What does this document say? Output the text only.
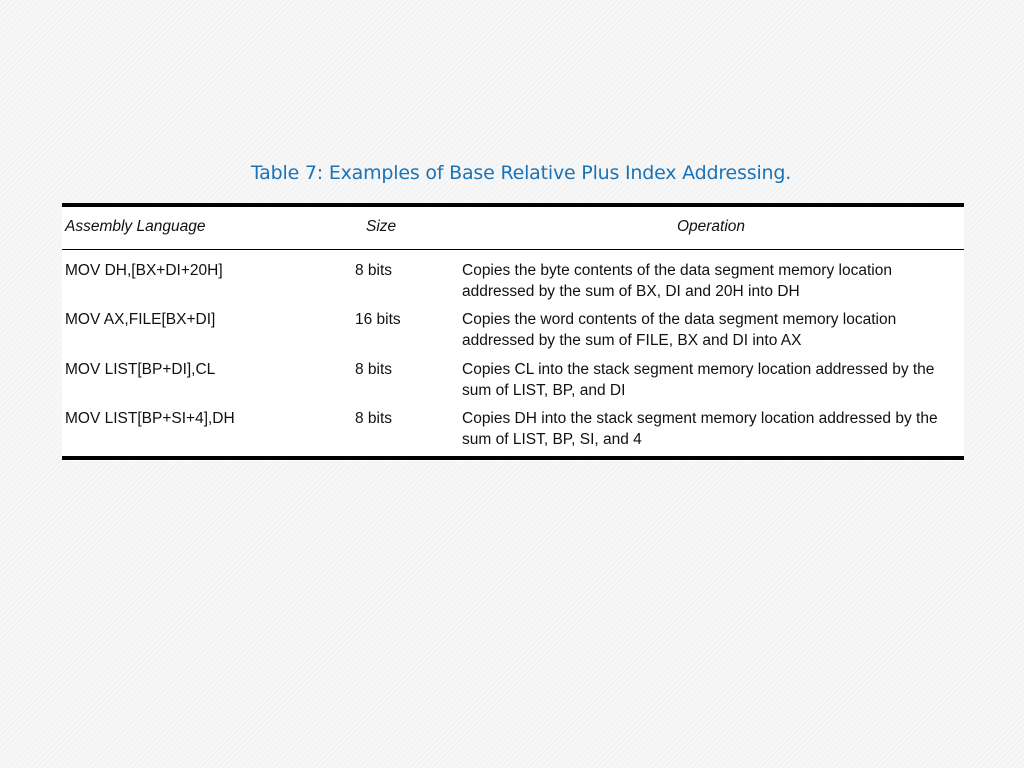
Table 7: Examples of Base Relative Plus Index Addressing.
Assembly Language	Size	Operation
MOV DH,[BX+DI+20H]	8 bits	Copies the byte contents of the data segment memory location addressed by the sum of BX, DI and 20H into DH
MOV AX,FILE[BX+DI]	16 bits	Copies the word contents of the data segment memory location addressed by the sum of FILE, BX and DI into AX
MOV LIST[BP+DI],CL	8 bits	Copies CL into the stack segment memory location addressed by the sum of LIST, BP, and DI
MOV LIST[BP+SI+4],DH	8 bits	Copies DH into the stack segment memory location addressed by the sum of LIST, BP, SI, and 4
